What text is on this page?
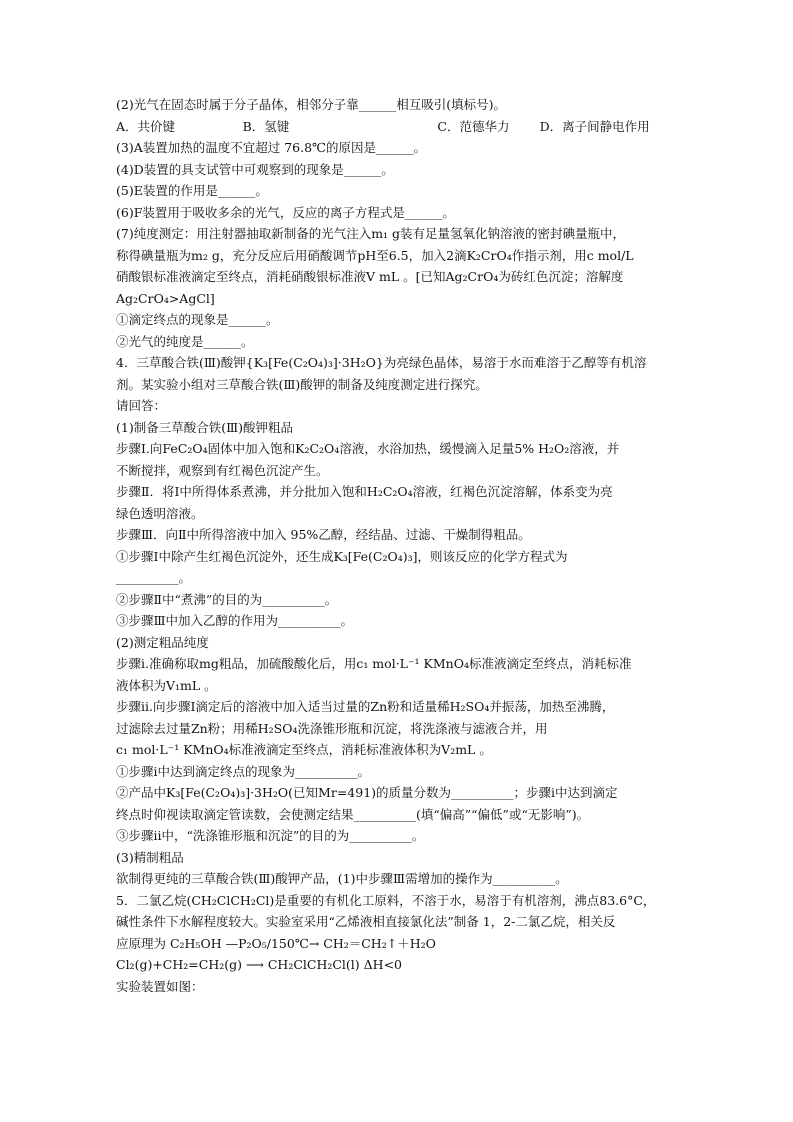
(2)光气在固态时属于分子晶体，相邻分子靠______相互吸引(填标号)。
A．共价键	B．氢键	C．范德华力	D．离子间静电作用
(3)A装置加热的温度不宜超过 76.8℃的原因是______。
(4)D装置的具支试管中可观察到的现象是______。
(5)E装置的作用是______。
(6)F装置用于吸收多余的光气，反应的离子方程式是______。
(7)纯度测定：用注射器抽取新制备的光气注入m₁ g装有足量氢氧化钠溶液的密封碘量瓶中，
称得碘量瓶为m₂ g，充分反应后用硝酸调节pH至6.5，加入2滴K₂CrO₄作指示剂，用c mol/L
硝酸银标准液滴定至终点，消耗硝酸银标准液V mL 。[已知Ag₂CrO₄为砖红色沉淀；溶解度
Ag₂CrO₄>AgCl]
①滴定终点的现象是______。
②光气的纯度是______。
4．三草酸合铁(Ⅲ)酸钾{K₃[Fe(C₂O₄)₃]·3H₂O}为亮绿色晶体，易溶于水而难溶于乙醇等有机溶
剂。某实验小组对三草酸合铁(Ⅲ)酸钾的制备及纯度测定进行探究。
请回答：
(1)制备三草酸合铁(Ⅲ)酸钾粗品
步骤Ⅰ.向FeC₂O₄固体中加入饱和K₂C₂O₄溶液，水浴加热，缓慢滴入足量5% H₂O₂溶液，并
不断搅拌，观察到有红褐色沉淀产生。
步骤Ⅱ．将Ⅰ中所得体系煮沸，并分批加入饱和H₂C₂O₄溶液，红褐色沉淀溶解，体系变为亮
绿色透明溶液。
步骤Ⅲ．向Ⅱ中所得溶液中加入 95%乙醇，经结晶、过滤、干燥制得粗品。
①步骤Ⅰ中除产生红褐色沉淀外，还生成K₃[Fe(C₂O₄)₃]，则该反应的化学方程式为
__________。
②步骤Ⅱ中“煮沸”的目的为__________。
③步骤Ⅲ中加入乙醇的作用为__________。
(2)测定粗品纯度
步骤ⅰ.准确称取mg粗品，加硫酸酸化后，用c₁ mol·L⁻¹ KMnO₄标准液滴定至终点，消耗标准
液体积为V₁mL 。
步骤ⅱ.向步骤Ⅰ滴定后的溶液中加入适当过量的Zn粉和适量稀H₂SO₄并振荡，加热至沸腾，
过滤除去过量Zn粉；用稀H₂SO₄洗涤锥形瓶和沉淀，将洗涤液与滤液合并，用
c₁ mol·L⁻¹ KMnO₄标准液滴定至终点，消耗标准液体积为V₂mL 。
①步骤ⅰ中达到滴定终点的现象为__________。
②产品中K₃[Fe(C₂O₄)₃]·3H₂O(已知Mr=491)的质量分数为__________；步骤ⅰ中达到滴定
终点时仰视读取滴定管读数，会使测定结果__________(填“偏高”“偏低”或“无影响”)。
③步骤ⅱ中，“洗涤锥形瓶和沉淀”的目的为__________。
(3)精制粗品
欲制得更纯的三草酸合铁(Ⅲ)酸钾产品，(1)中步骤Ⅲ需增加的操作为__________。
5．二氯乙烷(CH₂ClCH₂Cl)是重要的有机化工原料，不溶于水，易溶于有机溶剂，沸点83.6°C，
碱性条件下水解程度较大。实验室采用“乙烯液相直接氯化法”制备 1，2-二氯乙烷，相关反
应原理为 C₂H₅OH —P₂O₅/150℃→ CH₂＝CH₂↑＋H₂O
Cl₂(g)+CH₂=CH₂(g) ⟶ CH₂ClCH₂Cl(l) ΔH<0
实验装置如图：
